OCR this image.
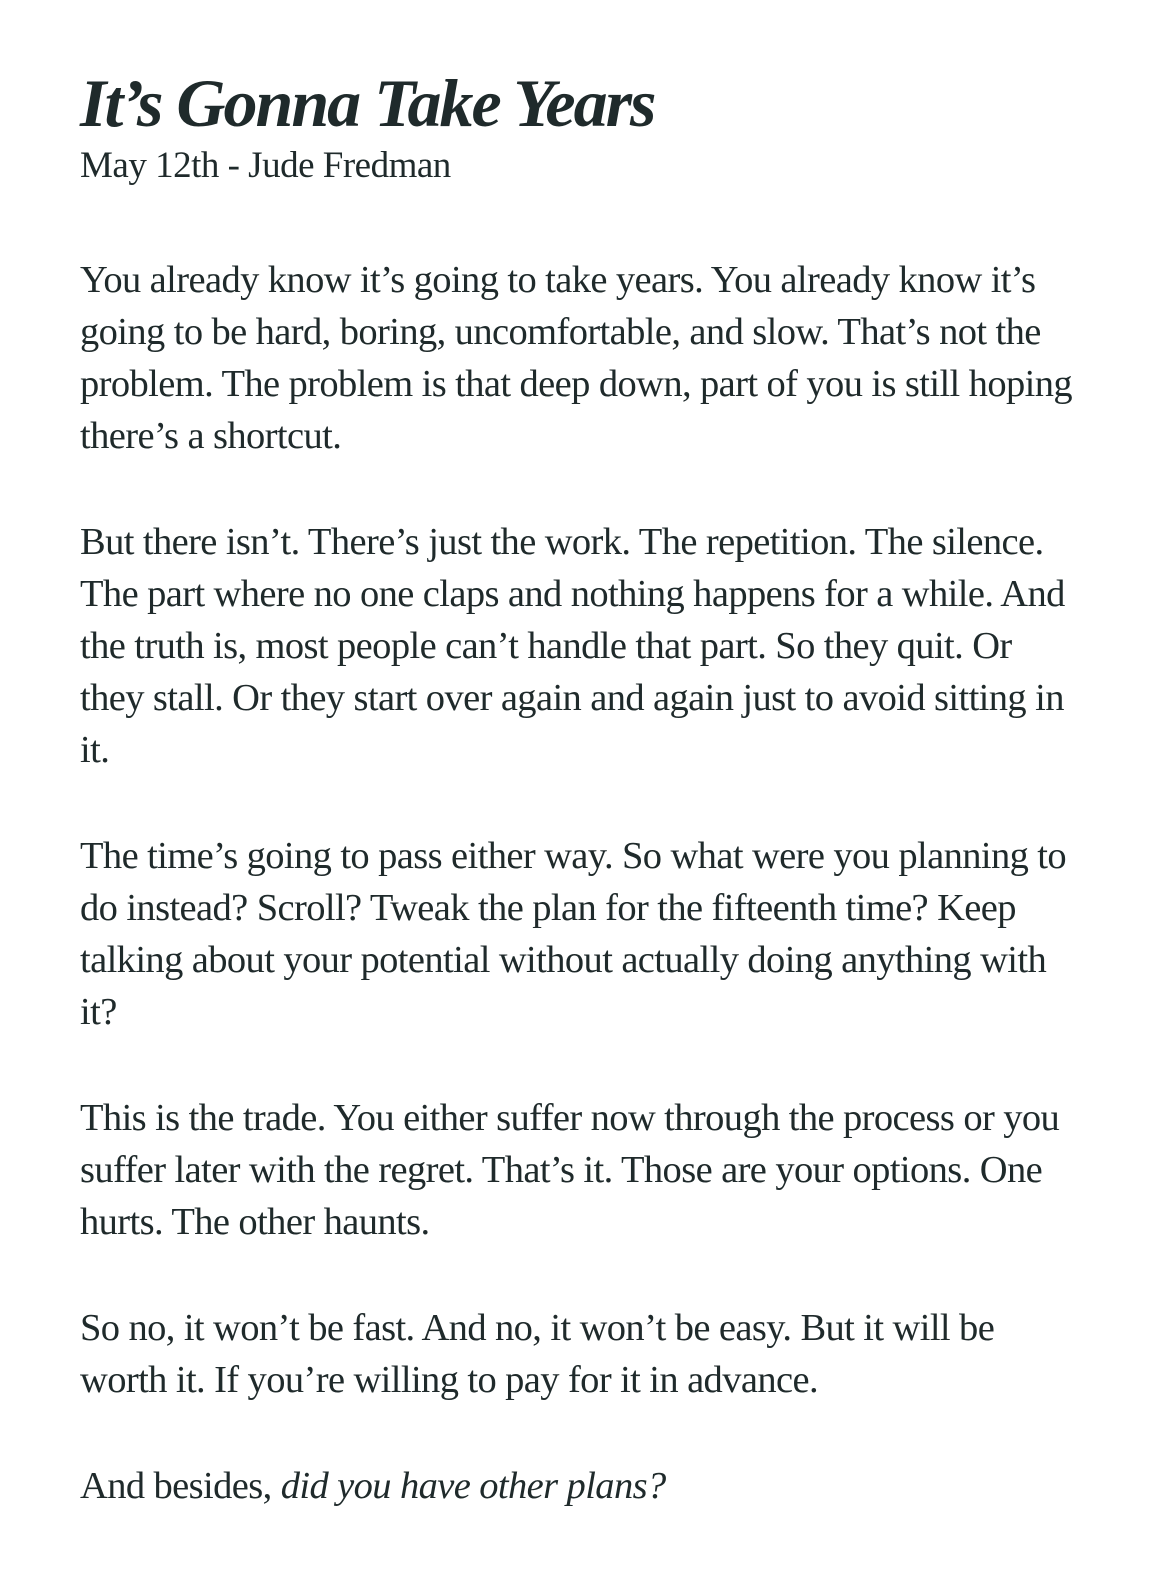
It’s Gonna Take Years
May 12th - Jude Fredman

You already know it’s going to take years. You already know it’s going to be hard, boring, uncomfortable, and slow. That’s not the problem. The problem is that deep down, part of you is still hoping there’s a shortcut.

But there isn’t. There’s just the work. The repetition. The silence. The part where no one claps and nothing happens for a while. And the truth is, most people can’t handle that part. So they quit. Or they stall. Or they start over again and again just to avoid sitting in it.

The time’s going to pass either way. So what were you planning to do instead? Scroll? Tweak the plan for the fifteenth time? Keep talking about your potential without actually doing anything with it?

This is the trade. You either suffer now through the process or you suffer later with the regret. That’s it. Those are your options. One hurts. The other haunts.

So no, it won’t be fast. And no, it won’t be easy. But it will be worth it. If you’re willing to pay for it in advance.

And besides, did you have other plans?
